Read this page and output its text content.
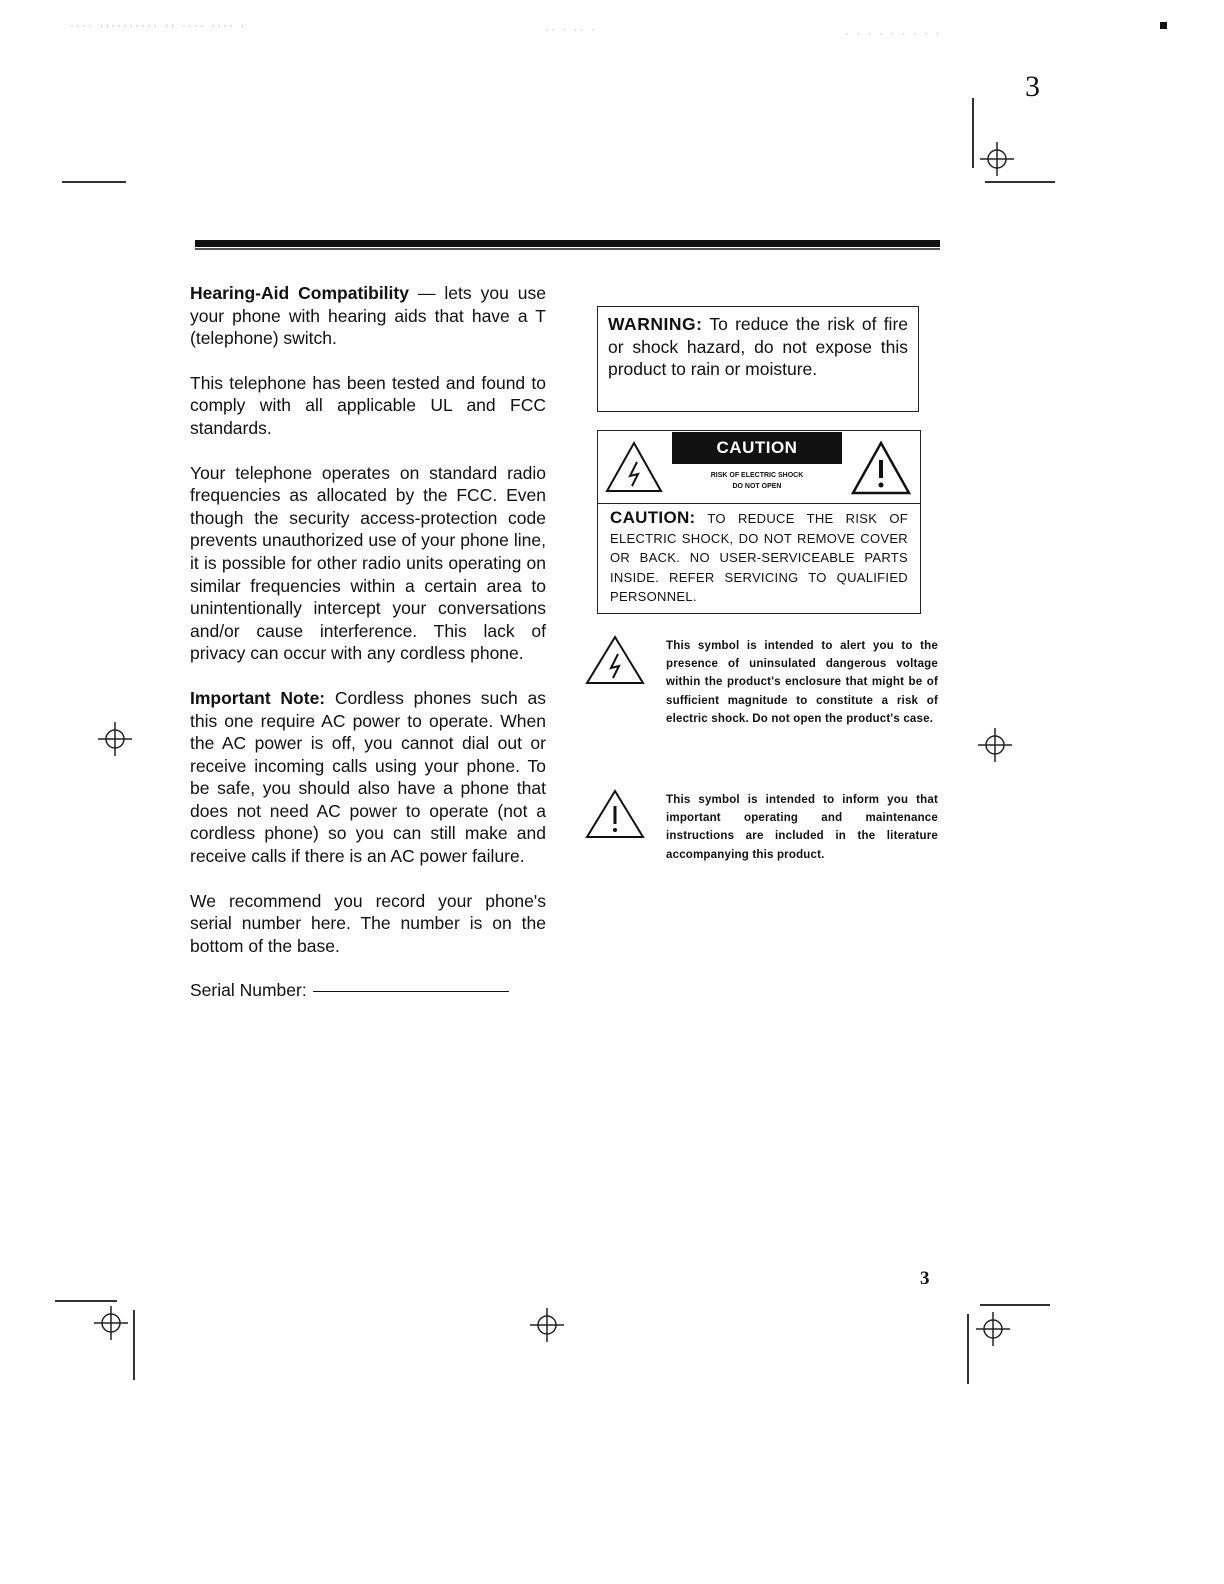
···· ·········· ·· ···· ···· ·	·· · ·· ·	· · · · · · · · ·
3

Hearing-Aid Compatibility — lets you use your phone with hearing aids that have a T (telephone) switch.

This telephone has been tested and found to comply with all applicable UL and FCC standards.

Your telephone operates on standard radio frequencies as allocated by the FCC. Even though the security access-protection code prevents unauthorized use of your phone line, it is possible for other radio units operating on similar frequencies within a certain area to unintentionally intercept your conversations and/or cause interference. This lack of privacy can occur with any cordless phone.

Important Note: Cordless phones such as this one require AC power to operate. When the AC power is off, you cannot dial out or receive incoming calls using your phone. To be safe, you should also have a phone that does not need AC power to operate (not a cordless phone) so you can still make and receive calls if there is an AC power failure.

We recommend you record your phone's serial number here. The number is on the bottom of the base.

Serial Number:

WARNING: To reduce the risk of fire or shock hazard, do not expose this product to rain or moisture.
CAUTION
RISK OF ELECTRIC SHOCK
DO NOT OPEN
CAUTION: TO REDUCE THE RISK OF ELECTRIC SHOCK, DO NOT REMOVE COVER OR BACK. NO USER-SERVICEABLE PARTS INSIDE. REFER SERVICING TO QUALIFIED PERSONNEL.
This symbol is intended to alert you to the presence of uninsulated dangerous voltage within the product's enclosure that might be of sufficient magnitude to constitute a risk of electric shock. Do not open the product's case.
This symbol is intended to inform you that important operating and maintenance instructions are included in the literature accompanying this product.
3
